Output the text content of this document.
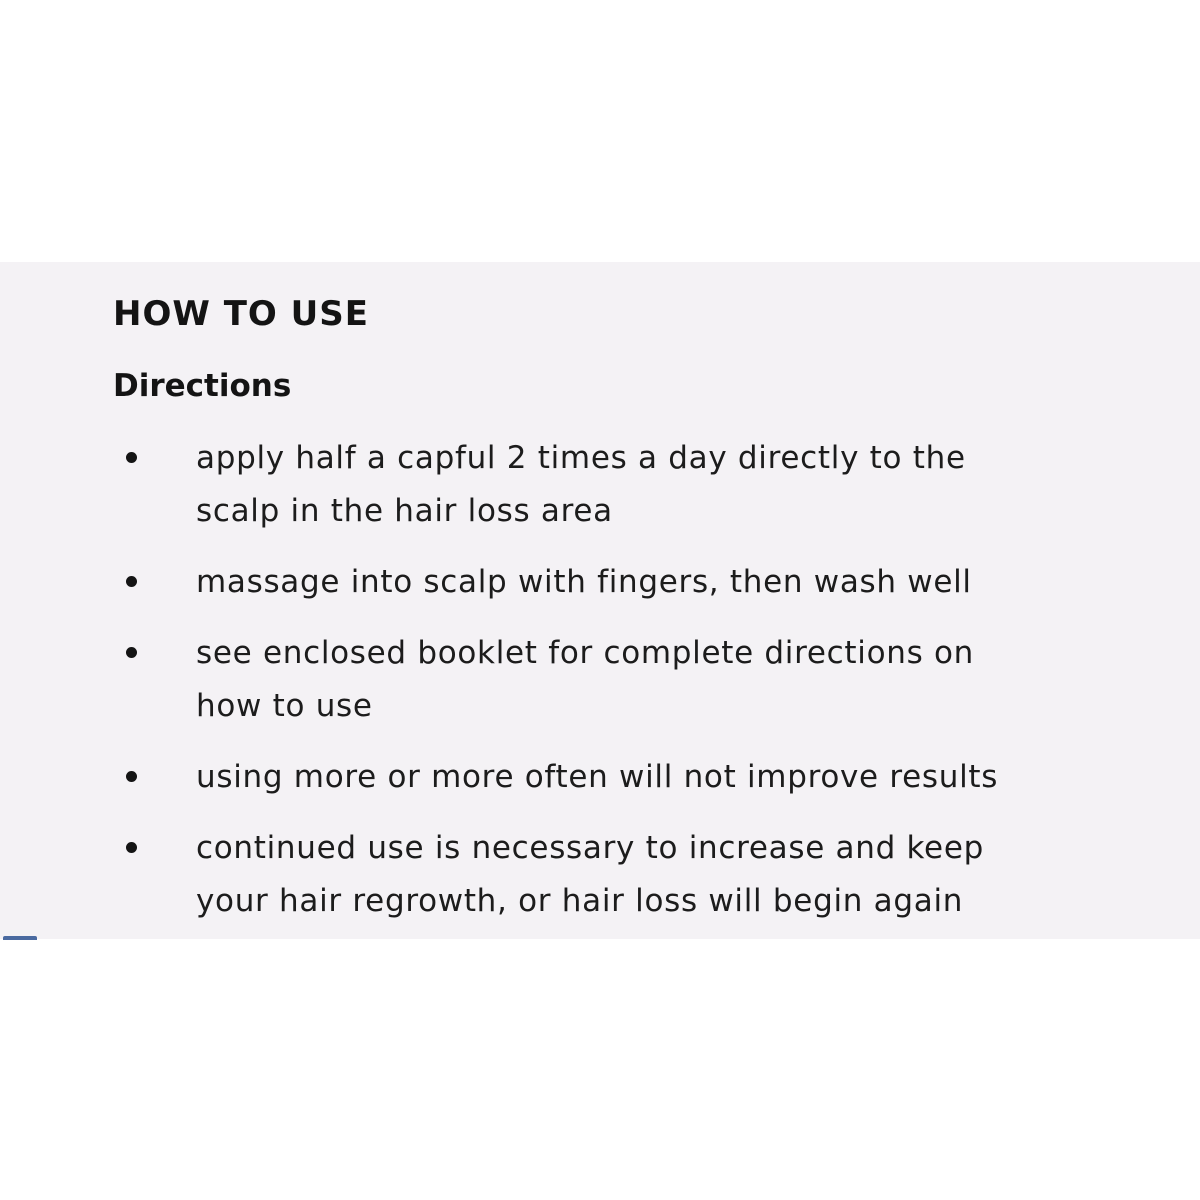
HOW TO USE
Directions
apply half a capful 2 times a day directly to the scalp in the hair loss area
massage into scalp with fingers, then wash well
see enclosed booklet for complete directions on how to use
using more or more often will not improve results
continued use is necessary to increase and keep your hair regrowth, or hair loss will begin again
